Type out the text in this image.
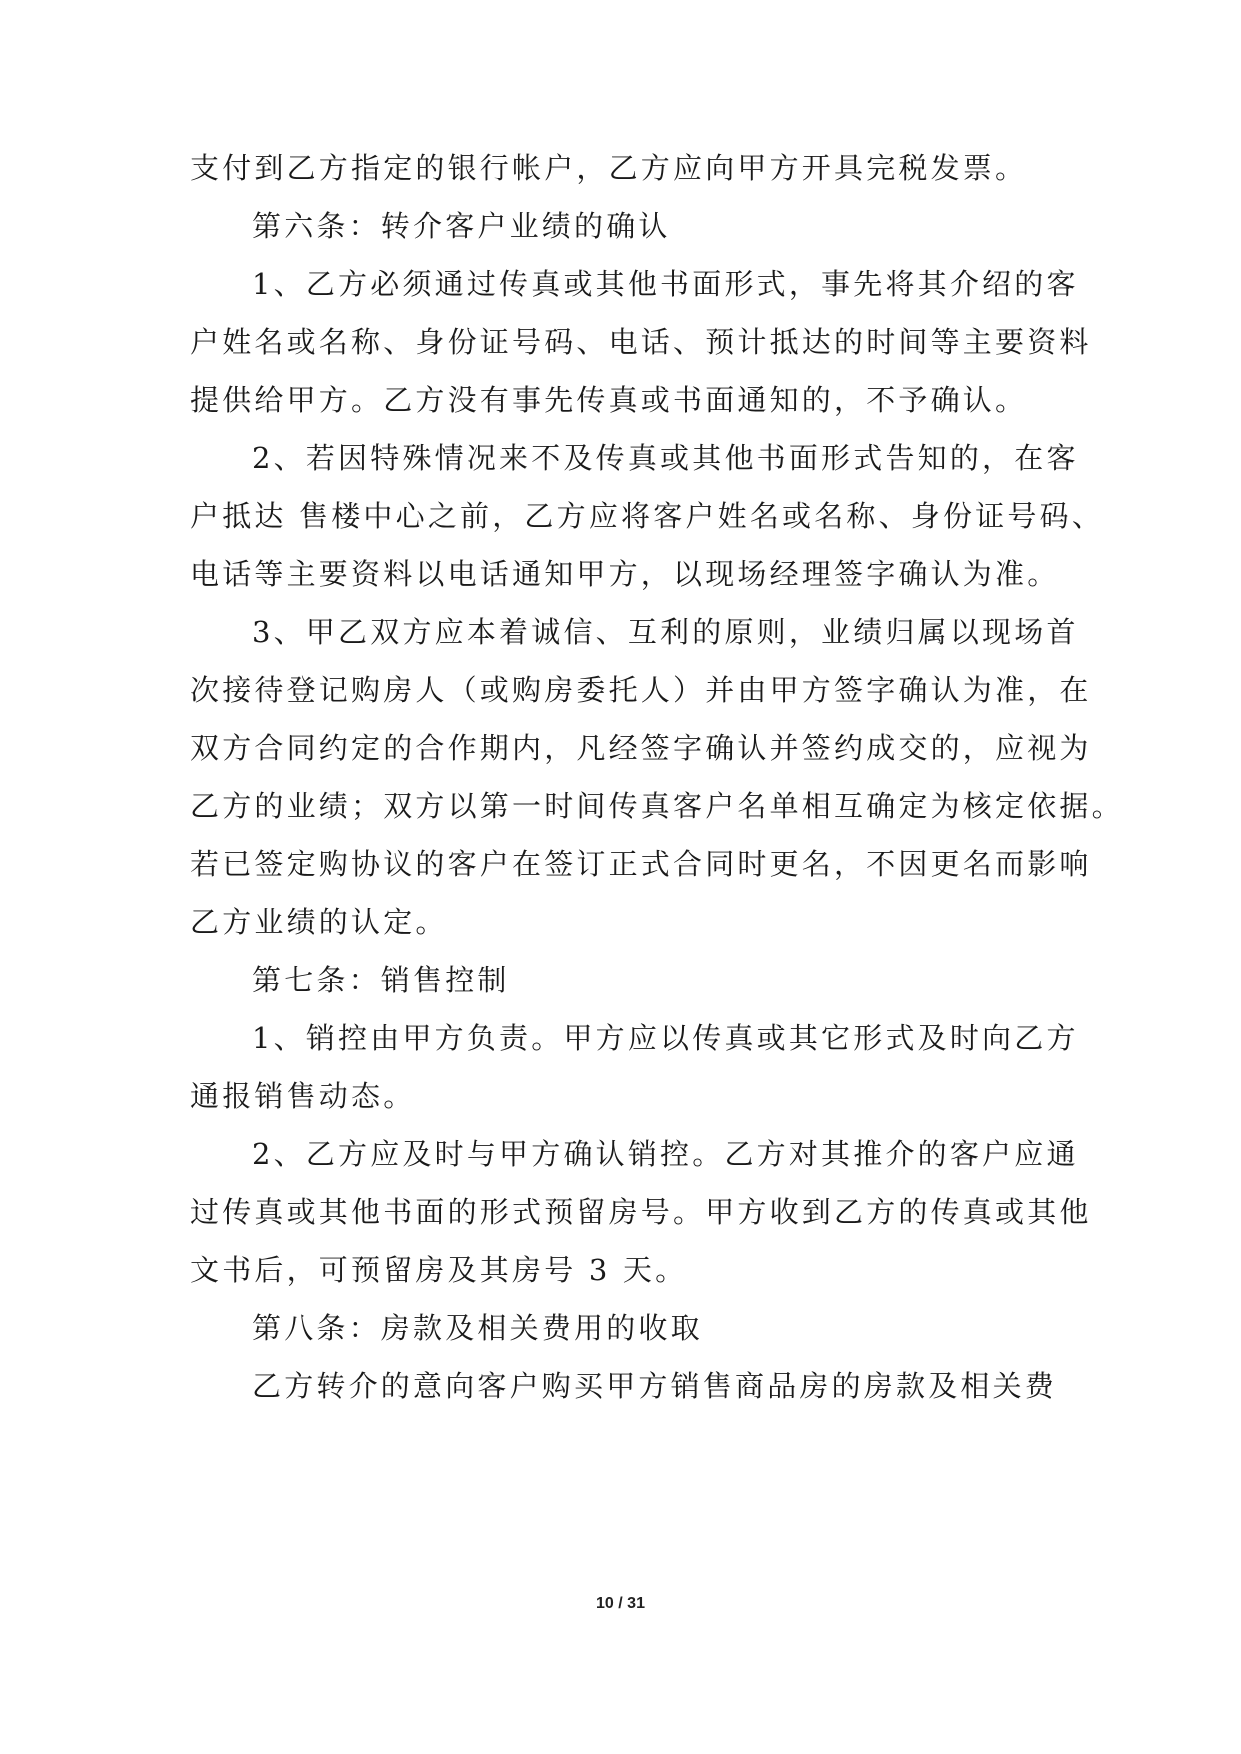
支付到乙方指定的银行帐户，乙方应向甲方开具完税发票。
第六条：转介客户业绩的确认
1、乙方必须通过传真或其他书面形式，事先将其介绍的客
户姓名或名称、身份证号码、电话、预计抵达的时间等主要资料
提供给甲方。乙方没有事先传真或书面通知的，不予确认。
2、若因特殊情况来不及传真或其他书面形式告知的，在客
户抵达 售楼中心之前，乙方应将客户姓名或名称、身份证号码、
电话等主要资料以电话通知甲方，以现场经理签字确认为准。
3、甲乙双方应本着诚信、互利的原则，业绩归属以现场首
次接待登记购房人（或购房委托人）并由甲方签字确认为准，在
双方合同约定的合作期内，凡经签字确认并签约成交的，应视为
乙方的业绩；双方以第一时间传真客户名单相互确定为核定依据。
若已签定购协议的客户在签订正式合同时更名，不因更名而影响
乙方业绩的认定。
第七条：销售控制
1、销控由甲方负责。甲方应以传真或其它形式及时向乙方
通报销售动态。
2、乙方应及时与甲方确认销控。乙方对其推介的客户应通
过传真或其他书面的形式预留房号。甲方收到乙方的传真或其他
文书后，可预留房及其房号 3 天。
第八条：房款及相关费用的收取
乙方转介的意向客户购买甲方销售商品房的房款及相关费
10 / 31
